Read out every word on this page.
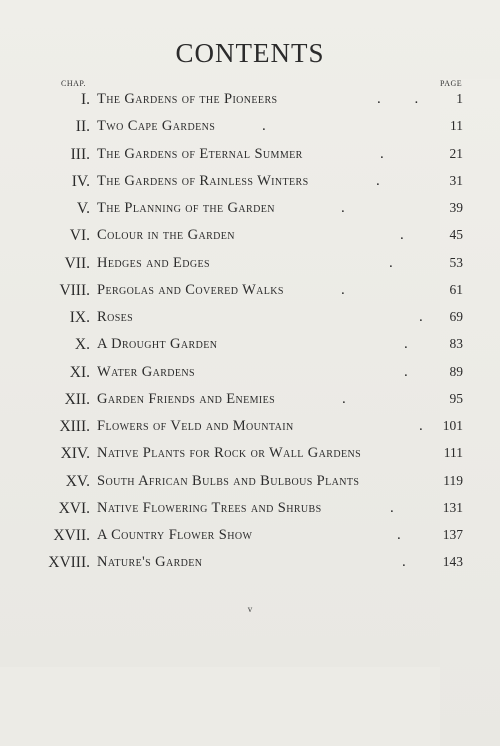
CONTENTS
CHAP.	PAGE
I. The Gardens of the Pioneers	. .	1
II. Two Cape Gardens	.	11
III. The Gardens of Eternal Summer	.	21
IV. The Gardens of Rainless Winters	.	31
V. The Planning of the Garden	.	39
VI. Colour in the Garden	.	45
VII. Hedges and Edges	.	53
VIII. Pergolas and Covered Walks	.	61
IX. Roses	.	69
X. A Drought Garden	.	83
XI. Water Gardens	.	89
XII. Garden Friends and Enemies	.	95
XIII. Flowers of Veld and Mountain	.	101
XIV. Native Plants for Rock or Wall Gardens	111
XV. South African Bulbs and Bulbous Plants	119
XVI. Native Flowering Trees and Shrubs	.	131
XVII. A Country Flower Show	.	137
XVIII. Nature's Garden	.	143
v
